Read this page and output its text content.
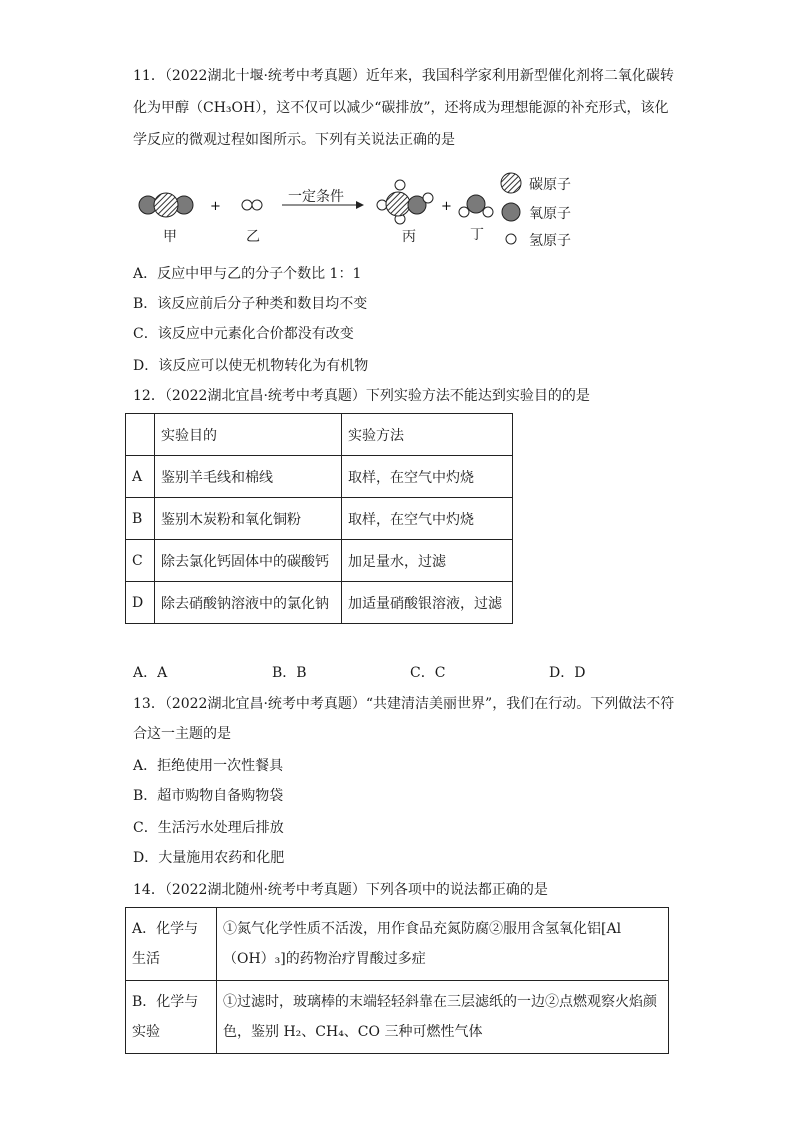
11．（2022湖北十堰·统考中考真题）近年来，我国科学家利用新型催化剂将二氧化碳转
化为甲醇（CH₃OH），这不仅可以减少“碳排放”，还将成为理想能源的补充形式，该化
学反应的微观过程如图所示。下列有关说法正确的是
+	+
一定条件
甲	乙	丙	丁
碳原子
氧原子
氢原子
A．反应中甲与乙的分子个数比 1：1
B．该反应前后分子种类和数目均不变
C．该反应中元素化合价都没有改变
D．该反应可以使无机物转化为有机物
12．（2022湖北宜昌·统考中考真题）下列实验方法不能达到实验目的的是
	实验目的	实验方法
A	鉴别羊毛线和棉线	取样，在空气中灼烧
B	鉴别木炭粉和氧化铜粉	取样，在空气中灼烧
C	除去氯化钙固体中的碳酸钙	加足量水，过滤
D	除去硝酸钠溶液中的氯化钠	加适量硝酸银溶液，过滤
A．A	B．B	C．C	D．D
13．（2022湖北宜昌·统考中考真题）“共建清洁美丽世界”，我们在行动。下列做法不符
合这一主题的是
A．拒绝使用一次性餐具
B．超市购物自备购物袋
C．生活污水处理后排放
D．大量施用农药和化肥
14．（2022湖北随州·统考中考真题）下列各项中的说法都正确的是
A．化学与生活	①氮气化学性质不活泼，用作食品充氮防腐②服用含氢氧化铝[Al（OH）₃]的药物治疗胃酸过多症
B．化学与实验	①过滤时，玻璃棒的末端轻轻斜靠在三层滤纸的一边②点燃观察火焰颜色，鉴别 H₂、CH₄、CO 三种可燃性气体
